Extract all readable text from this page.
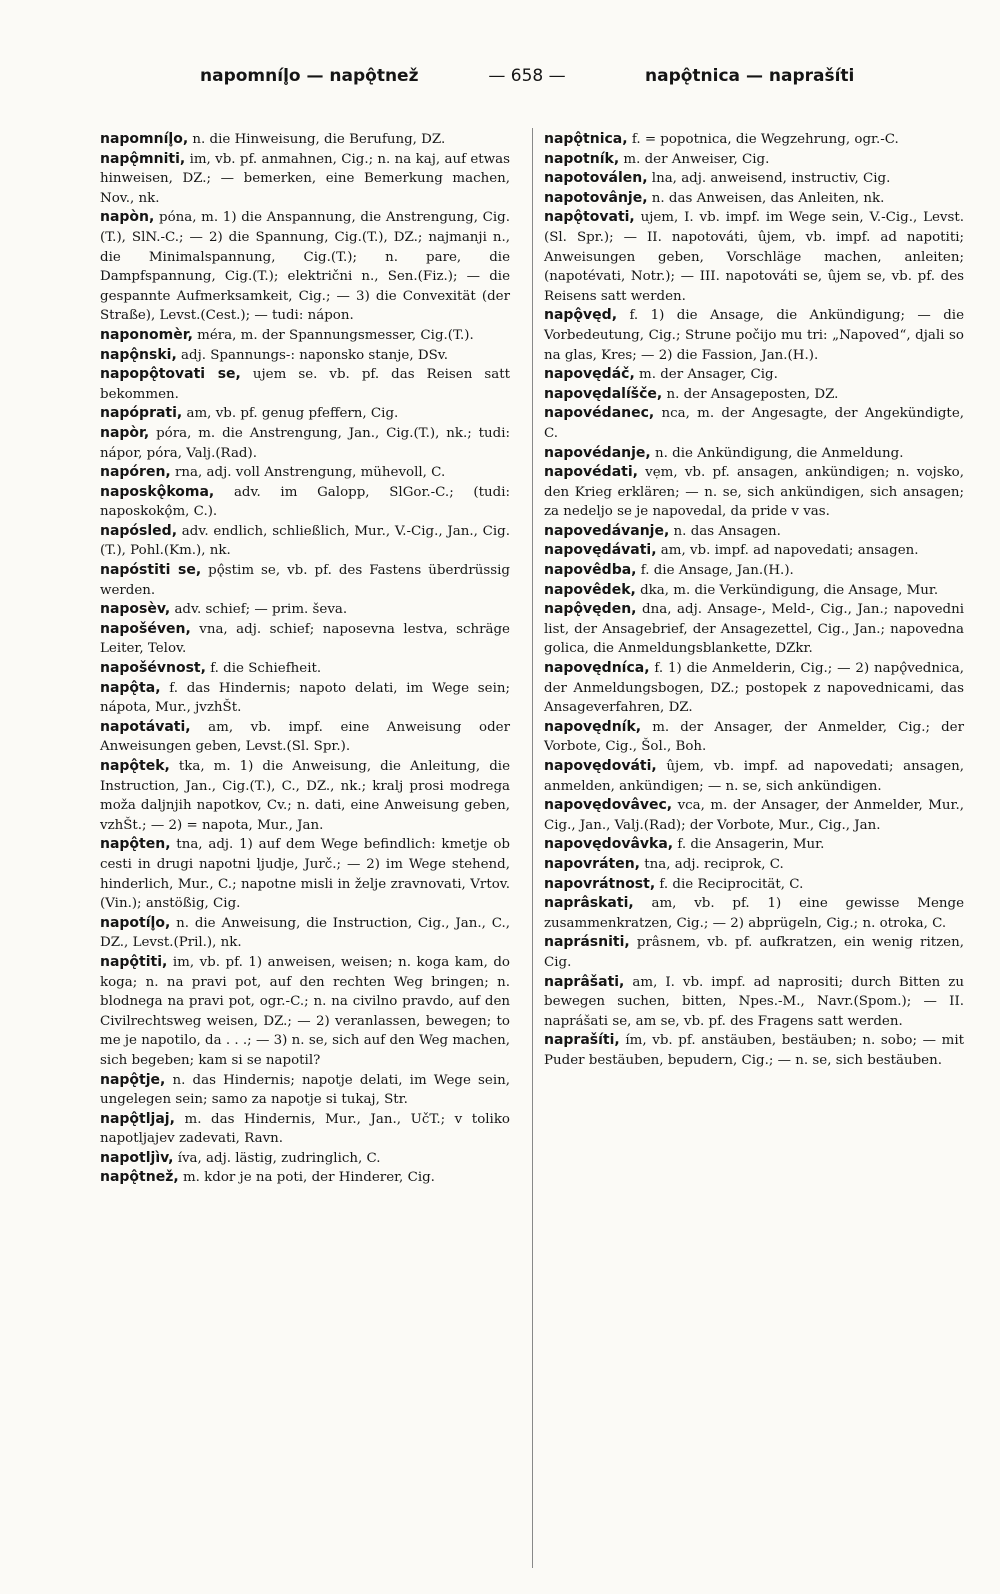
napomníl̥o — napǫ̂tnež	— 658 —	napǫ̂tnica — naprašíti

napomníl̥o, n. die Hinweisung, die Berufung, DZ.

napǫ̂mniti, im, vb. pf. anmahnen, Cig.; n. na kaj, auf etwas hinweisen, DZ.; — bemerken, eine Bemerkung machen, Nov., nk.

napòn, póna, m. 1) die Anspannung, die Anstrengung, Cig.(T.), SlN.-C.; — 2) die Spannung, Cig.(T.), DZ.; najmanji n., die Minimalspannung, Cig.(T.); n. pare, die Dampfspannung, Cig.(T.); električni n., Sen.(Fiz.); — die gespannte Aufmerksamkeit, Cig.; — 3) die Convexität (der Straße), Levst.(Cest.); — tudi: nápon.

naponomèr, méra, m. der Spannungsmesser, Cig.(T.).

napǫ̂nski, adj. Spannungs-: naponsko stanje, DSv.

napopǫ̂tovati se, ujem se. vb. pf. das Reisen satt bekommen.

napóprati, am, vb. pf. genug pfeffern, Cig.

napòr, póra, m. die Anstrengung, Jan., Cig.(T.), nk.; tudi: nápor, póra, Valj.(Rad).

napóren, rna, adj. voll Anstrengung, mühevoll, C.

naposkǫ̂koma, adv. im Galopp, SlGor.-C.; (tudi: naposkokǫ̂m, C.).

napósled, adv. endlich, schließlich, Mur., V.-Cig., Jan., Cig.(T.), Pohl.(Km.), nk.

napóstiti se, pǫ̂stim se, vb. pf. des Fastens überdrüssig werden.

naposèv, adv. schief; — prim. ševa.

napošéven, vna, adj. schief; naposevna lestva, schräge Leiter, Telov.

napošévnost, f. die Schiefheit.

napǫ̂ta, f. das Hindernis; napoto delati, im Wege sein; nápota, Mur., jvzhŠt.

napotávati, am, vb. impf. eine Anweisung oder Anweisungen geben, Levst.(Sl. Spr.).

napǫ̂tek, tka, m. 1) die Anweisung, die Anleitung, die Instruction, Jan., Cig.(T.), C., DZ., nk.; kralj prosi modrega moža daljnjih napotkov, Cv.; n. dati, eine Anweisung geben, vzhŠt.; — 2) = napota, Mur., Jan.

napǫ̂ten, tna, adj. 1) auf dem Wege befindlich: kmetje ob cesti in drugi napotni ljudje, Jurč.; — 2) im Wege stehend, hinderlich, Mur., C.; napotne misli in želje zravnovati, Vrtov.(Vin.); anstößig, Cig.

napotíl̥o, n. die Anweisung, die Instruction, Cig., Jan., C., DZ., Levst.(Pril.), nk.

napǫ̂titi, im, vb. pf. 1) anweisen, weisen; n. koga kam, do koga; n. na pravi pot, auf den rechten Weg bringen; n. blodnega na pravi pot, ogr.-C.; n. na civilno pravdo, auf den Civilrechtsweg weisen, DZ.; — 2) veranlassen, bewegen; to me je napotilo, da . . .; — 3) n. se, sich auf den Weg machen, sich begeben; kam si se napotil?

napǫ̂tje, n. das Hindernis; napotje delati, im Wege sein, ungelegen sein; samo za napotje si tukaj, Str.

napǫ̂tljaj, m. das Hindernis, Mur., Jan., UčT.; v toliko napotljajev zadevati, Ravn.

napotljìv, íva, adj. lästig, zudringlich, C.

napǫ̂tnež, m. kdor je na poti, der Hinderer, Cig.

napǫ̂tnica, f. = popotnica, die Wegzehrung, ogr.-C.

napotník, m. der Anweiser, Cig.

napotoválen, lna, adj. anweisend, instructiv, Cig.

napotovânje, n. das Anweisen, das Anleiten, nk.

napǫ̂tovati, ujem, I. vb. impf. im Wege sein, V.-Cig., Levst.(Sl. Spr.); — II. napotováti, ûjem, vb. impf. ad napotiti; Anweisungen geben, Vorschläge machen, anleiten; (napotévati, Notr.); — III. napotováti se, ûjem se, vb. pf. des Reisens satt werden.

napǫ̂vęd, f. 1) die Ansage, die Ankündigung; — die Vorbedeutung, Cig.; Strune počijo mu tri: „Napoved“, djali so na glas, Kres; — 2) die Fassion, Jan.(H.).

napovędáč, m. der Ansager, Cig.

napovędalíšče, n. der Ansageposten, DZ.

napovédanec, nca, m. der Angesagte, der Angekündigte, C.

napovédanje, n. die Ankündigung, die Anmeldung.

napovédati, vẹm, vb. pf. ansagen, ankündigen; n. vojsko, den Krieg erklären; — n. se, sich ankündigen, sich ansagen; za nedeljo se je napovedal, da pride v vas.

napovedávanje, n. das Ansagen.

napovędávati, am, vb. impf. ad napovedati; ansagen.

napovêdba, f. die Ansage, Jan.(H.).

napovêdek, dka, m. die Verkündigung, die Ansage, Mur.

napǫ̂vęden, dna, adj. Ansage-, Meld-, Cig., Jan.; napovedni list, der Ansagebrief, der Ansagezettel, Cig., Jan.; napovedna golica, die Anmeldungsblankette, DZkr.

napovędníca, f. 1) die Anmelderin, Cig.; — 2) napǫ̂vednica, der Anmeldungsbogen, DZ.; postopek z napovednicami, das Ansageverfahren, DZ.

napovędník, m. der Ansager, der Anmelder, Cig.; der Vorbote, Cig., Šol., Boh.

napovędováti, ûjem, vb. impf. ad napovedati; ansagen, anmelden, ankündigen; — n. se, sich ankündigen.

napovędovâvec, vca, m. der Ansager, der Anmelder, Mur., Cig., Jan., Valj.(Rad); der Vorbote, Mur., Cig., Jan.

napovędovâvka, f. die Ansagerin, Mur.

napovráten, tna, adj. reciprok, C.

napovrátnost, f. die Reciprocität, C.

naprâskati, am, vb. pf. 1) eine gewisse Menge zusammenkratzen, Cig.; — 2) abprügeln, Cig.; n. otroka, C.

naprásniti, prâsnem, vb. pf. aufkratzen, ein wenig ritzen, Cig.

naprâšati, am, I. vb. impf. ad naprositi; durch Bitten zu bewegen suchen, bitten, Npes.-M., Navr.(Spom.); — II. naprášati se, am se, vb. pf. des Fragens satt werden.

naprašíti, ím, vb. pf. anstäuben, bestäuben; n. sobo; — mit Puder bestäuben, bepudern, Cig.; — n. se, sich bestäuben.
